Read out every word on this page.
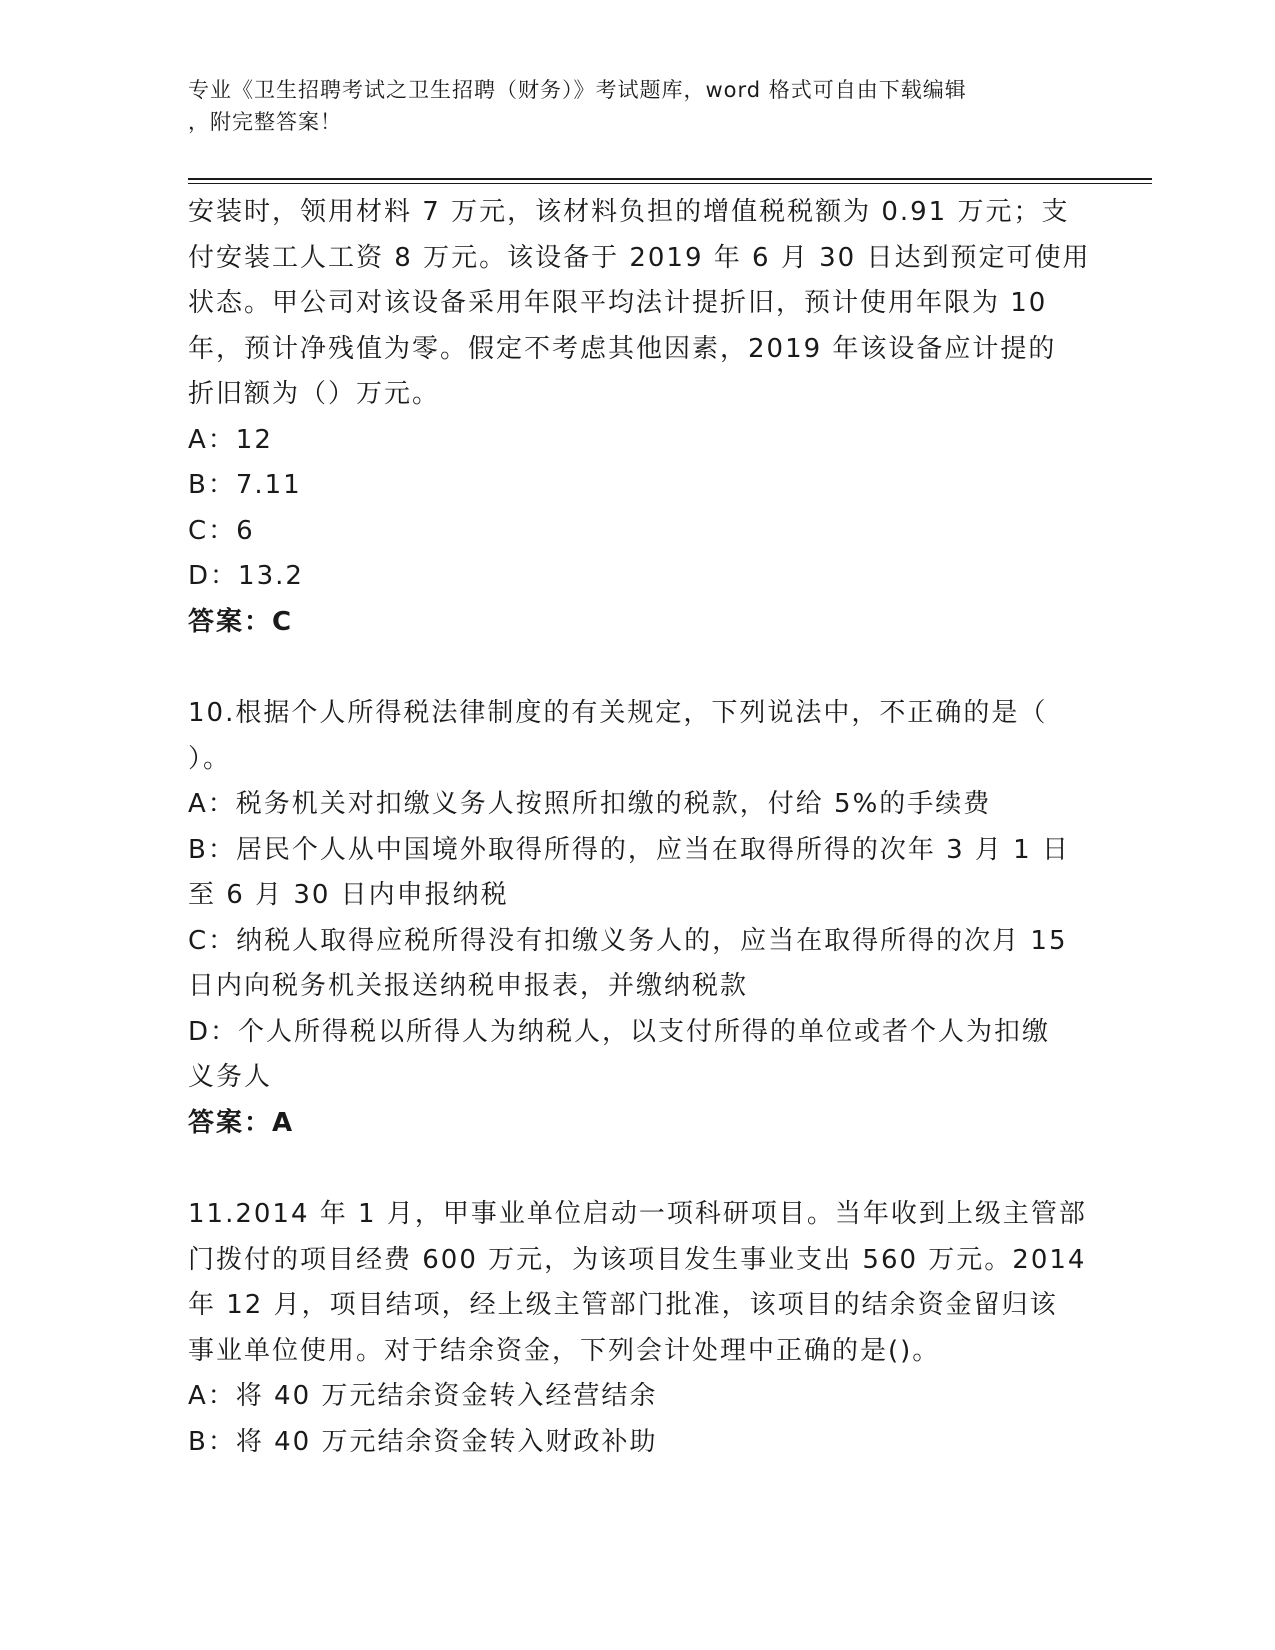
专业《卫生招聘考试之卫生招聘（财务）》考试题库，word 格式可自由下载编辑
，附完整答案！
安装时，领用材料 7 万元，该材料负担的增值税税额为 0.91 万元；支
付安装工人工资 8 万元。该设备于 2019 年 6 月 30 日达到预定可使用
状态。甲公司对该设备采用年限平均法计提折旧，预计使用年限为 10
年，预计净残值为零。假定不考虑其他因素，2019 年该设备应计提的
折旧额为（）万元。
A：12
B：7.11
C：6
D：13.2
答案：C
10.根据个人所得税法律制度的有关规定，下列说法中，不正确的是（
）。
A：税务机关对扣缴义务人按照所扣缴的税款，付给 5%的手续费
B：居民个人从中国境外取得所得的，应当在取得所得的次年 3 月 1 日
至 6 月 30 日内申报纳税
C：纳税人取得应税所得没有扣缴义务人的，应当在取得所得的次月 15
日内向税务机关报送纳税申报表，并缴纳税款
D：个人所得税以所得人为纳税人，以支付所得的单位或者个人为扣缴
义务人
答案：A
11.2014 年 1 月，甲事业单位启动一项科研项目。当年收到上级主管部
门拨付的项目经费 600 万元，为该项目发生事业支出 560 万元。2014
年 12 月，项目结项，经上级主管部门批准，该项目的结余资金留归该
事业单位使用。对于结余资金，下列会计处理中正确的是()。
A：将 40 万元结余资金转入经营结余
B：将 40 万元结余资金转入财政补助
